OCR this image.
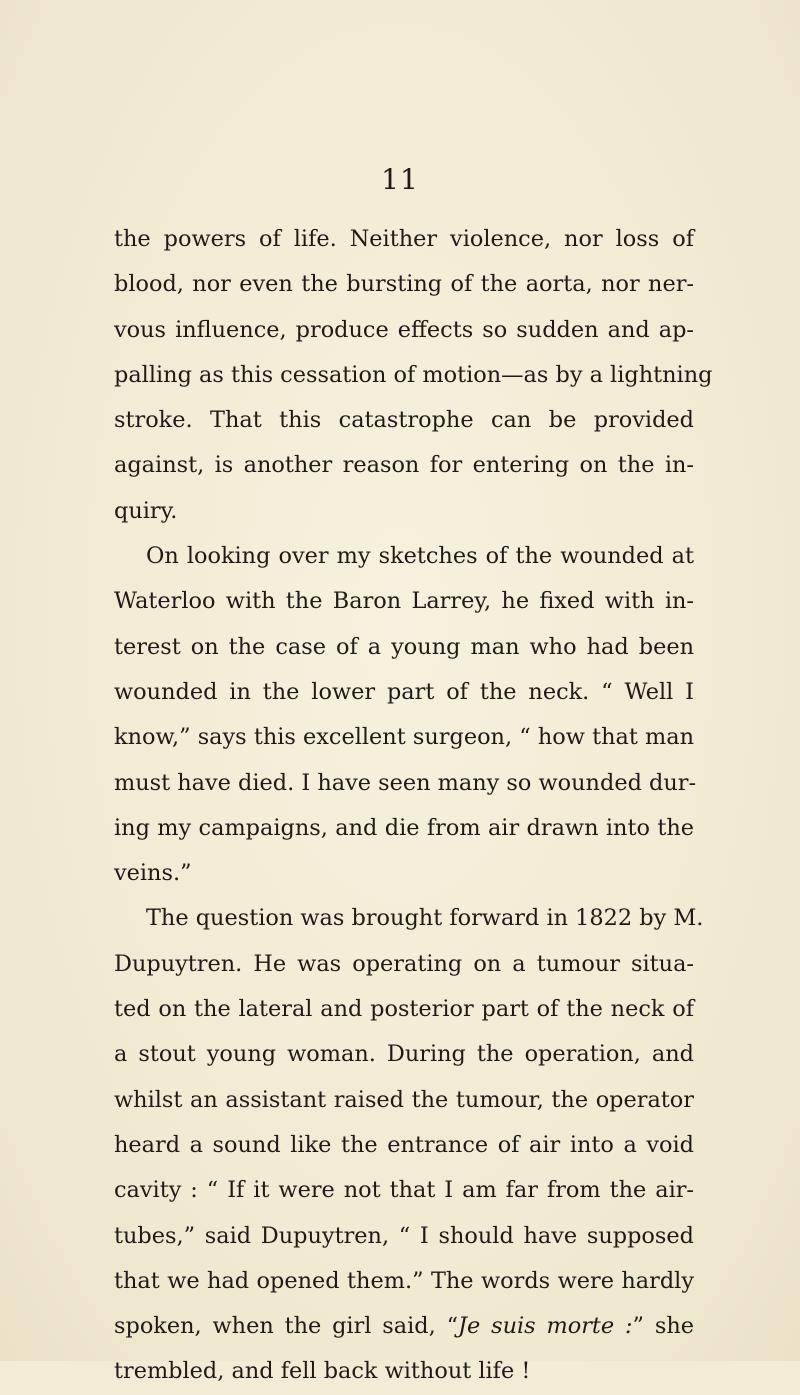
11
the powers of life. Neither violence, nor loss of
blood, nor even the bursting of the aorta, nor ner-
vous influence, produce effects so sudden and ap-
palling as this cessation of motion—as by a lightning
stroke. That this catastrophe can be provided
against, is another reason for entering on the in-
quiry.
On looking over my sketches of the wounded at
Waterloo with the Baron Larrey, he fixed with in-
terest on the case of a young man who had been
wounded in the lower part of the neck. “ Well I
know,” says this excellent surgeon, “ how that man
must have died. I have seen many so wounded dur-
ing my campaigns, and die from air drawn into the
veins.”
The question was brought forward in 1822 by M.
Dupuytren. He was operating on a tumour situa-
ted on the lateral and posterior part of the neck of
a stout young woman. During the operation, and
whilst an assistant raised the tumour, the operator
heard a sound like the entrance of air into a void
cavity : “ If it were not that I am far from the air-
tubes,” said Dupuytren, “ I should have supposed
that we had opened them.” The words were hardly
spoken, when the girl said, “Je suis morte :” she
trembled, and fell back without life !
